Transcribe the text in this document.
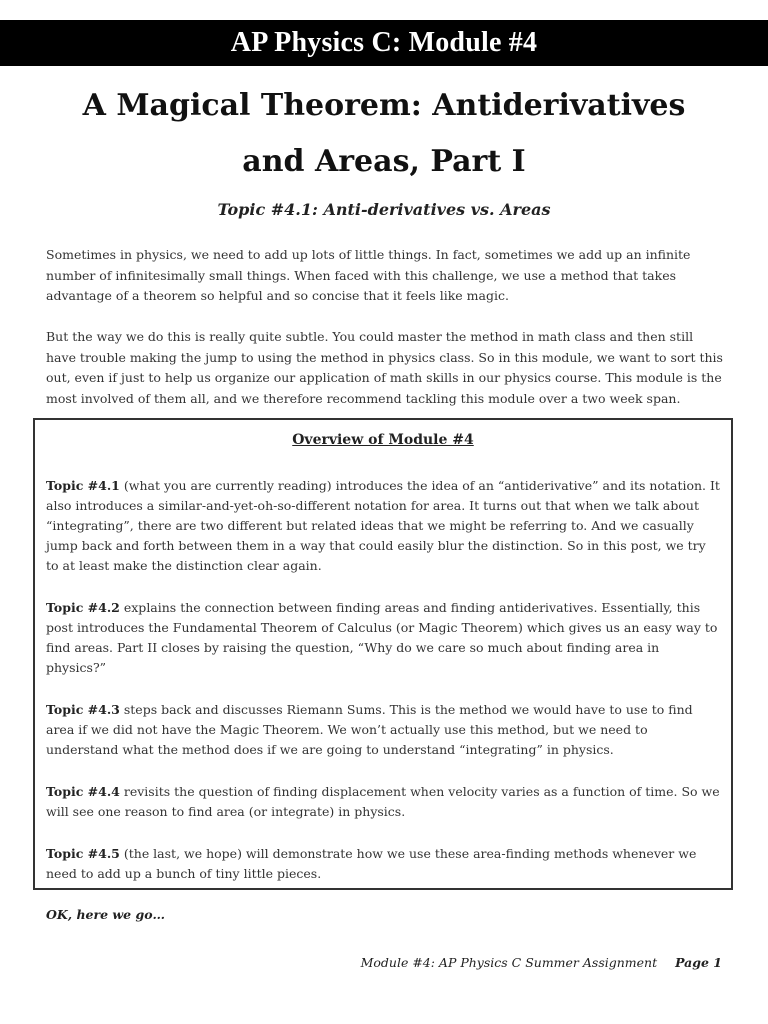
AP Physics C: Module #4
A Magical Theorem: Antiderivatives
and Areas, Part I
Topic #4.1: Anti-derivatives vs. Areas

Sometimes in physics, we need to add up lots of little things. In fact, sometimes we add up an infinite number of infinitesimally small things. When faced with this challenge, we use a method that takes advantage of a theorem so helpful and so concise that it feels like magic.

But the way we do this is really quite subtle. You could master the method in math class and then still have trouble making the jump to using the method in physics class. So in this module, we want to sort this out, even if just to help us organize our application of math skills in our physics course. This module is the most involved of them all, and we therefore recommend tackling this module over a two week span.

Overview of Module #4

Topic #4.1 (what you are currently reading) introduces the idea of an “antiderivative” and its notation. It also introduces a similar-and-yet-oh-so-different notation for area. It turns out that when we talk about “integrating”, there are two different but related ideas that we might be referring to. And we casually jump back and forth between them in a way that could easily blur the distinction. So in this post, we try to at least make the distinction clear again.

Topic #4.2 explains the connection between finding areas and finding antiderivatives. Essentially, this post introduces the Fundamental Theorem of Calculus (or Magic Theorem) which gives us an easy way to find areas. Part II closes by raising the question, “Why do we care so much about finding area in physics?”

Topic #4.3 steps back and discusses Riemann Sums. This is the method we would have to use to find area if we did not have the Magic Theorem. We won’t actually use this method, but we need to understand what the method does if we are going to understand “integrating” in physics.

Topic #4.4 revisits the question of finding displacement when velocity varies as a function of time. So we will see one reason to find area (or integrate) in physics.

Topic #4.5 (the last, we hope) will demonstrate how we use these area-finding methods whenever we need to add up a bunch of tiny little pieces.

OK, here we go…

Module #4: AP Physics C Summer Assignment Page 1
